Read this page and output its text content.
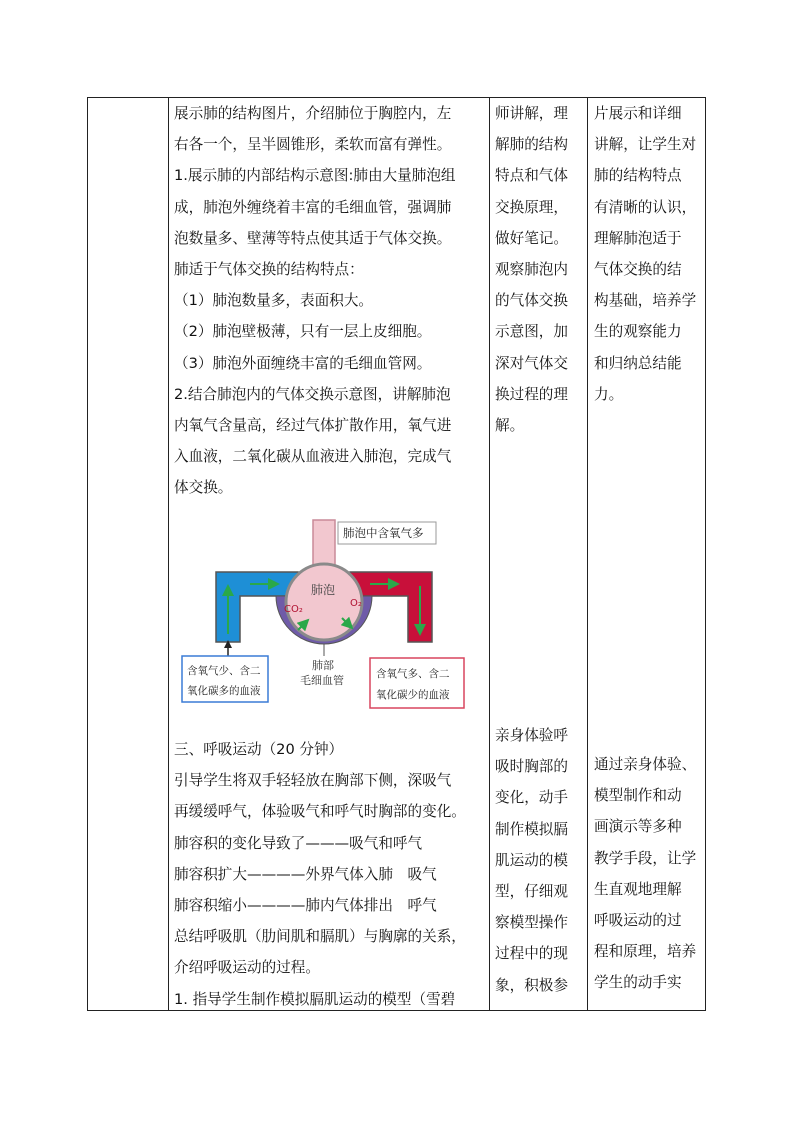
展示肺的结构图片，介绍肺位于胸腔内，左

右各一个，呈半圆锥形，柔软而富有弹性。

1.展示肺的内部结构示意图:肺由大量肺泡组

成，肺泡外缠绕着丰富的毛细血管，强调肺

泡数量多、壁薄等特点使其适于气体交换。

肺适于气体交换的结构特点：

（1）肺泡数量多，表面积大。

（2）肺泡壁极薄，只有一层上皮细胞。

（3）肺泡外面缠绕丰富的毛细血管网。

2.结合肺泡内的气体交换示意图，讲解肺泡

内氧气含量高，经过气体扩散作用，氧气进

入血液，二氧化碳从血液进入肺泡，完成气

体交换。

肺泡中含氧气多
肺泡
CO₂
O₂
肺部
毛细血管
含氧气少、含二
氧化碳多的血液
含氧气多、含二
氧化碳少的血液

三、呼吸运动（20 分钟）

引导学生将双手轻轻放在胸部下侧，深吸气

再缓缓呼气，体验吸气和呼气时胸部的变化。

肺容积的变化导致了———吸气和呼气

肺容积扩大————外界气体入肺　吸气

肺容积缩小————肺内气体排出　呼气

总结呼吸肌（肋间肌和膈肌）与胸廓的关系，

介绍呼吸运动的过程。

1. 指导学生制作模拟膈肌运动的模型（雪碧

师讲解，理

解肺的结构

特点和气体

交换原理，

做好笔记。

观察肺泡内

的气体交换

示意图，加

深对气体交

换过程的理

解。

亲身体验呼

吸时胸部的

变化，动手

制作模拟膈

肌运动的模

型，仔细观

察模型操作

过程中的现

象，积极参

片展示和详细

讲解，让学生对

肺的结构特点

有清晰的认识，

理解肺泡适于

气体交换的结

构基础，培养学

生的观察能力

和归纳总结能

力。

通过亲身体验、

模型制作和动

画演示等多种

教学手段，让学

生直观地理解

呼吸运动的过

程和原理，培养

学生的动手实
